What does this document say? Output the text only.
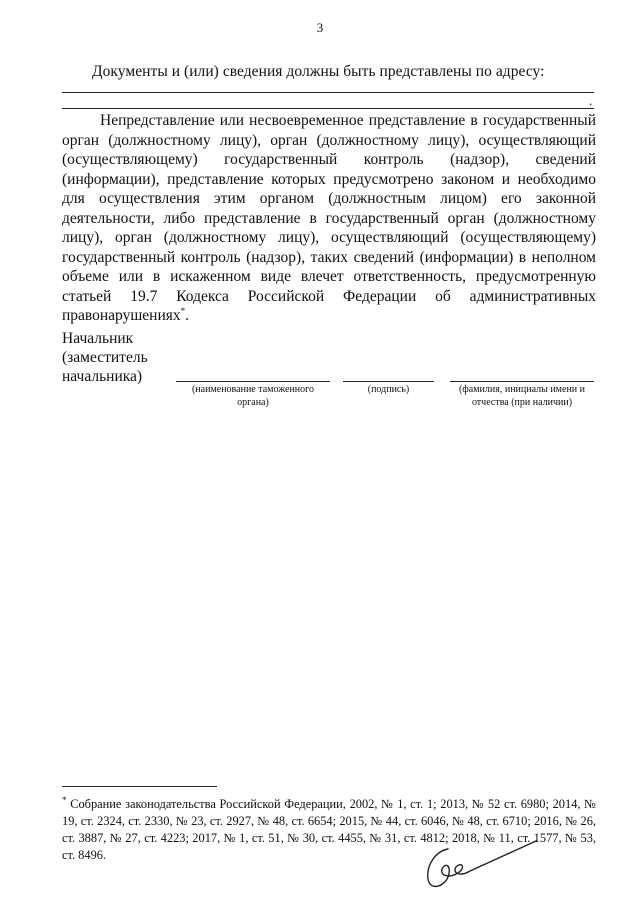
3
Документы и (или) сведения должны быть представлены по адресу:
.
Непредставление или несвоевременное представление в государственный орган (должностному лицу), орган (должностному лицу), осуществляющий (осуществляющему) государственный контроль (надзор), сведений (информации), представление которых предусмотрено законом и необходимо для осуществления этим органом (должностным лицом) его законной деятельности, либо представление в государственный орган (должностному лицу), орган (должностному лицу), осуществляющий (осуществляющему) государственный контроль (надзор), таких сведений (информации) в неполном объеме или в искаженном виде влечет ответственность, предусмотренную статьей 19.7 Кодекса Российской Федерации об административных правонарушениях*.
Начальник
(заместитель
начальника)
(наименование таможенного органа)
(подпись)	(фамилия, инициалы имени и отчества (при наличии)
* Собрание законодательства Российской Федерации, 2002, № 1, ст. 1; 2013, № 52 ст. 6980; 2014, № 19, ст. 2324, ст. 2330, № 23, ст. 2927, № 48, ст. 6654; 2015, № 44, ст. 6046, № 48, ст. 6710; 2016, № 26, ст. 3887, № 27, ст. 4223; 2017, № 1, ст. 51, № 30, ст. 4455, № 31, ст. 4812; 2018, № 11, ст. 1577, № 53, ст. 8496.
